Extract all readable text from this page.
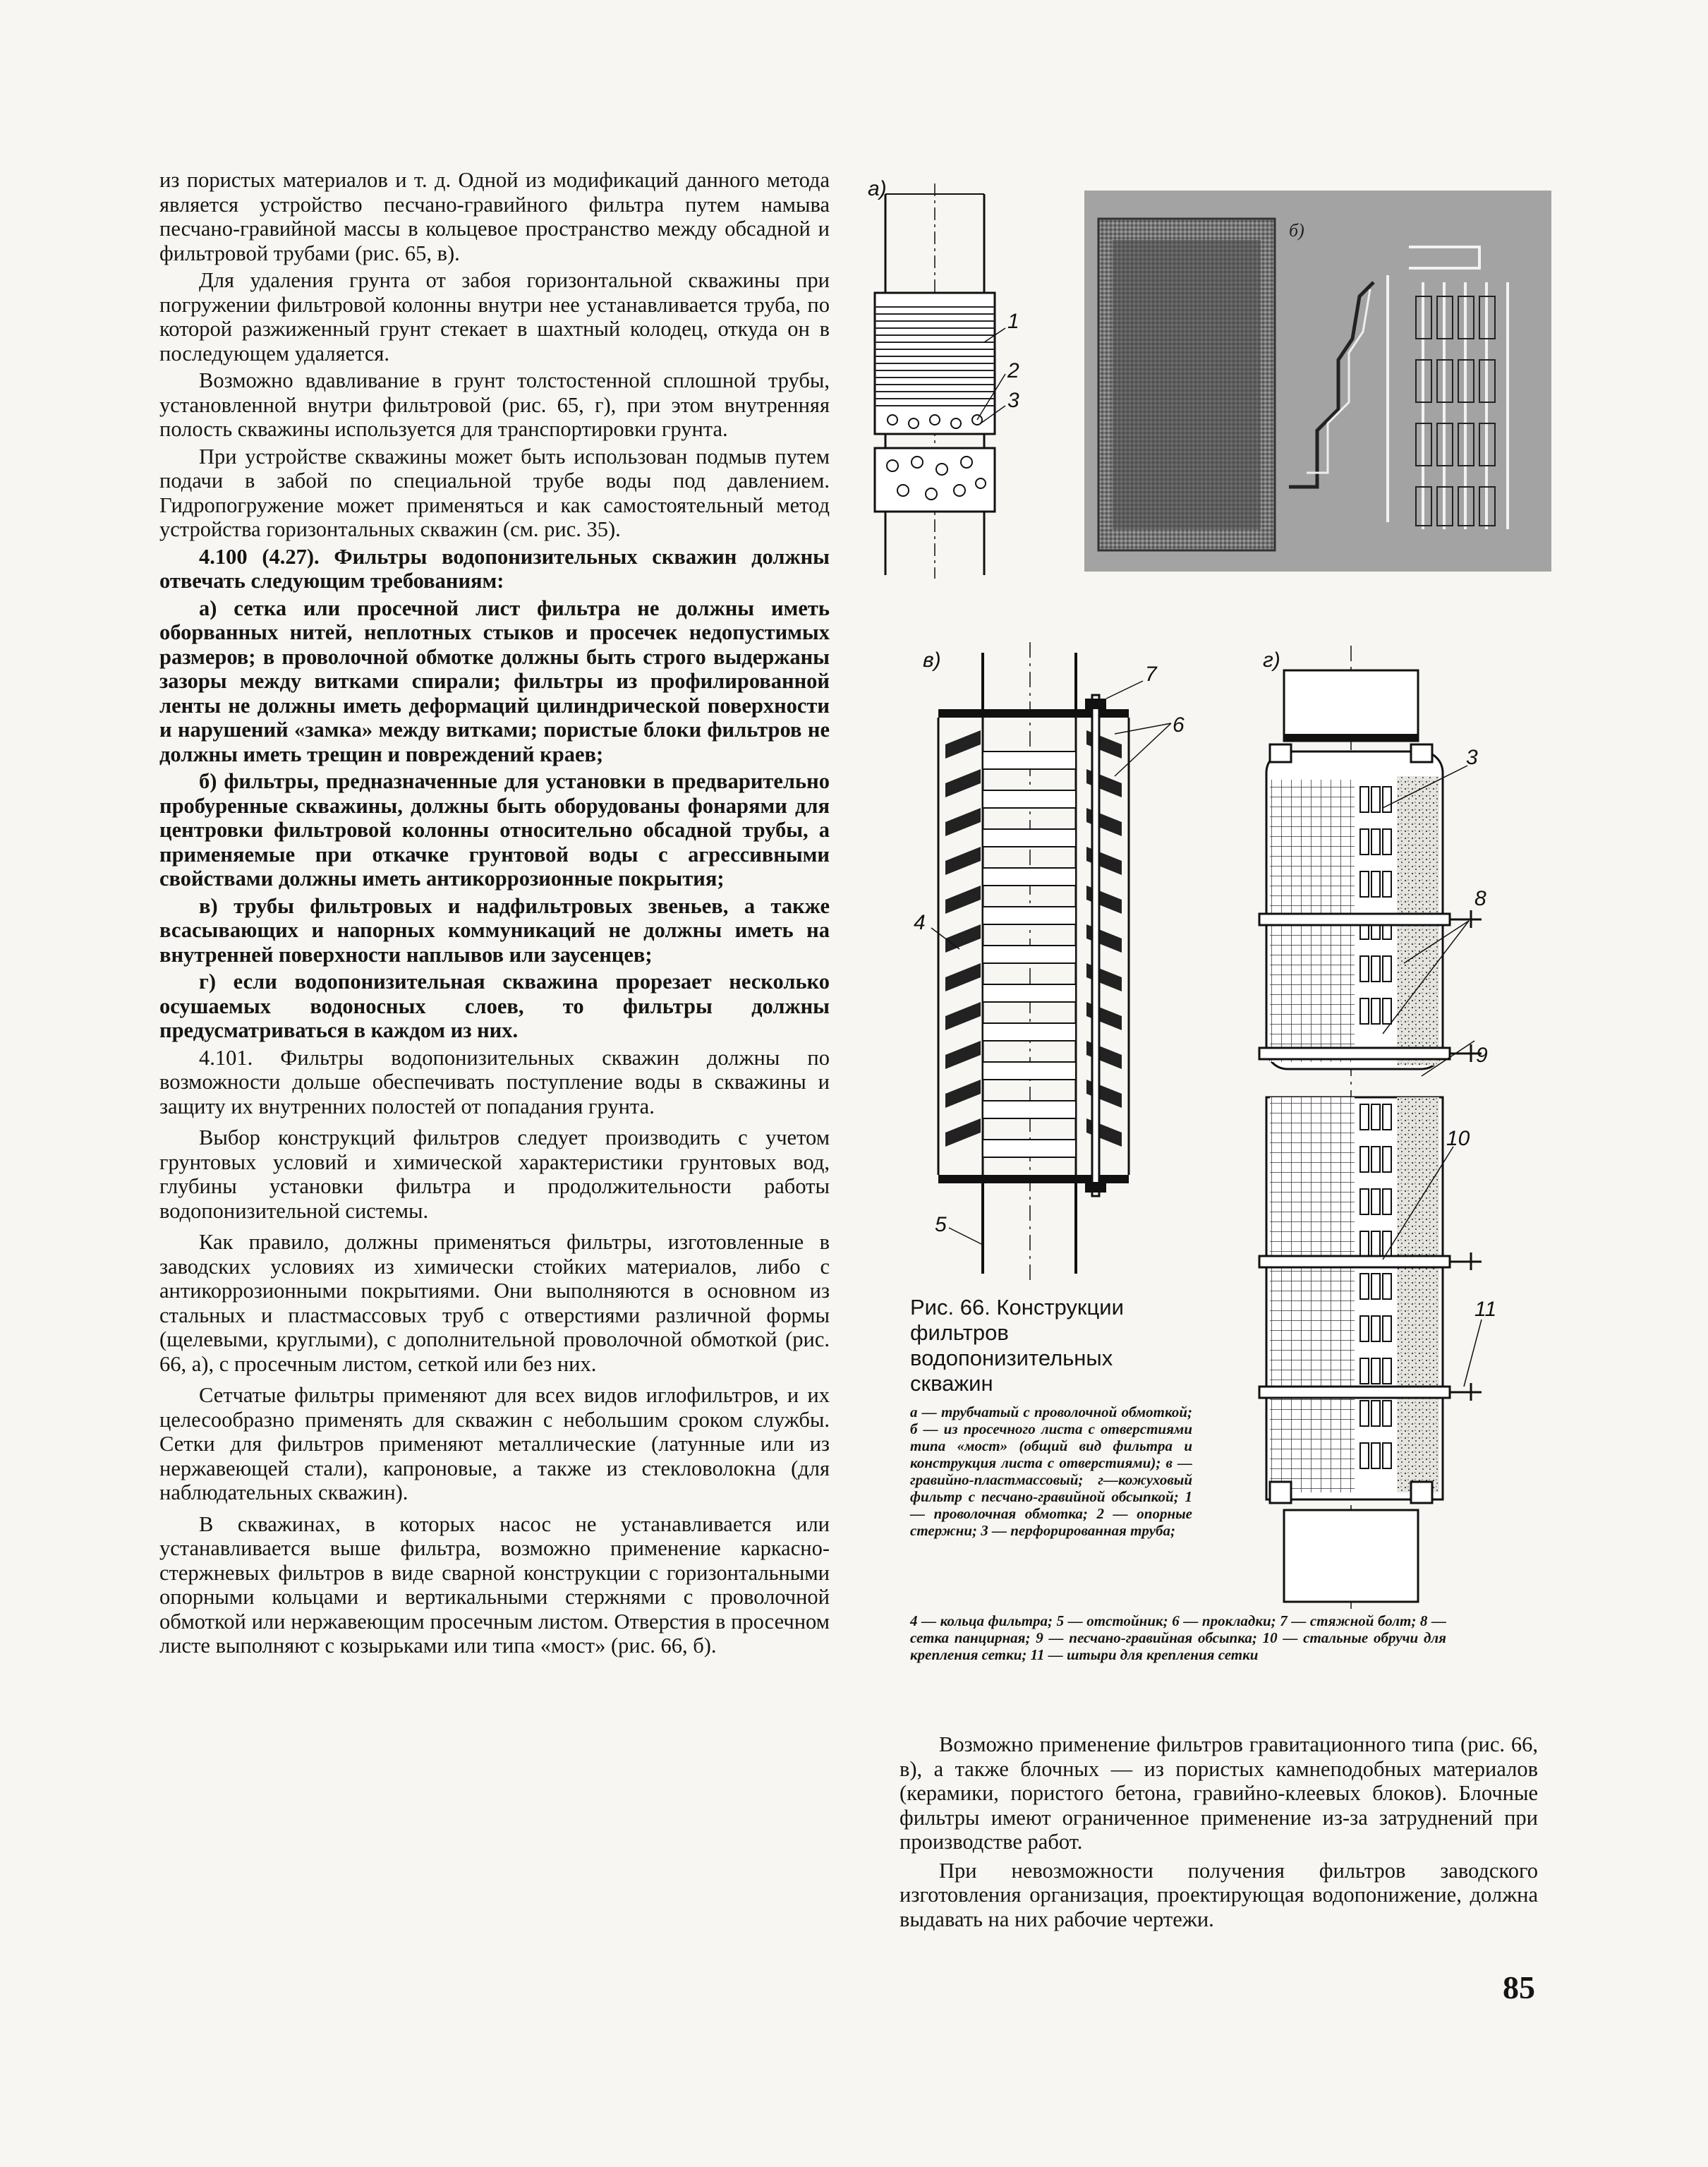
из пористых материалов и т. д. Одной из модификаций данного метода является устройство песчано-гравийного фильтра путем намыва песчано-гравийной массы в кольцевое пространство между обсадной и фильтровой трубами (рис. 65, в).

Для удаления грунта от забоя горизонтальной скважины при погружении фильтровой колонны внутри нее устанавливается труба, по которой разжиженный грунт стекает в шахтный колодец, откуда он в последующем удаляется.

Возможно вдавливание в грунт толстостенной сплошной трубы, установленной внутри фильтровой (рис. 65, г), при этом внутренняя полость скважины используется для транспортировки грунта.

При устройстве скважины может быть использован подмыв путем подачи в забой по специальной трубе воды под давлением. Гидропогружение может применяться и как самостоятельный метод устройства горизонтальных скважин (см. рис. 35).

4.100 (4.27). Фильтры водопонизительных скважин должны отвечать следующим требованиям:

а) сетка или просечной лист фильтра не должны иметь оборванных нитей, неплотных стыков и просечек недопустимых размеров; в проволочной обмотке должны быть строго выдержаны зазоры между витками спирали; фильтры из профилированной ленты не должны иметь деформаций цилиндрической поверхности и нарушений «замка» между витками; пористые блоки фильтров не должны иметь трещин и повреждений краев;

б) фильтры, предназначенные для установки в предварительно пробуренные скважины, должны быть оборудованы фонарями для центровки фильтровой колонны относительно обсадной трубы, а применяемые при откачке грунтовой воды с агрессивными свойствами должны иметь антикоррозионные покрытия;

в) трубы фильтровых и надфильтровых звеньев, а также всасывающих и напорных коммуникаций не должны иметь на внутренней поверхности наплывов или заусенцев;

г) если водопонизительная скважина прорезает несколько осушаемых водоносных слоев, то фильтры должны предусматриваться в каждом из них.

4.101. Фильтры водопонизительных скважин должны по возможности дольше обеспечивать поступление воды в скважины и защиту их внутренних полостей от попадания грунта.

Выбор конструкций фильтров следует производить с учетом грунтовых условий и химической характеристики грунтовых вод, глубины установки фильтра и продолжительности работы водопонизительной системы.

Как правило, должны применяться фильтры, изготовленные в заводских условиях из химически стойких материалов, либо с антикоррозионными покрытиями. Они выполняются в основном из стальных и пластмассовых труб с отверстиями различной формы (щелевыми, круглыми), с дополнительной проволочной обмоткой (рис. 66, а), с просечным листом, сеткой или без них.

Сетчатые фильтры применяют для всех видов иглофильтров, и их целесообразно применять для скважин с небольшим сроком службы. Сетки для фильтров применяют металлические (латунные или из нержавеющей стали), капроновые, а также из стекловолокна (для наблюдательных скважин).

В скважинах, в которых насос не устанавливается или устанавливается выше фильтра, возможно применение каркасно-стержневых фильтров в виде сварной конструкции с горизонтальными опорными кольцами и вертикальными стержнями с проволочной обмоткой или нержавеющим просечным листом. Отверстия в просечном листе выполняют с козырьками или типа «мост» (рис. 66, б).

а)
1
2
3
б)
в)
7
6
4
5
г)
3
8
9
10
11

Рис. 66. Конструкции фильтров водопонизительных скважин

а — трубчатый с проволочной обмоткой; б — из просечного листа с отверстиями типа «мост» (общий вид фильтра и конструкция листа с отверстиями); в — гравийно-пластмассовый; г—кожуховый фильтр с песчано-гравийной обсыпкой; 1 — проволочная обмотка; 2 — опорные стержни; 3 — перфорированная труба;

4 — кольца фильтра; 5 — отстойник; 6 — прокладки; 7 — стяжной болт; 8 — сетка панцирная; 9 — песчано-гравийная обсыпка; 10 — стальные обручи для крепления сетки; 11 — штыри для крепления сетки

Возможно применение фильтров гравитационного типа (рис. 66, в), а также блочных — из пористых камнеподобных материалов (керамики, пористого бетона, гравийно-клеевых блоков). Блочные фильтры имеют ограниченное применение из-за затруднений при производстве работ.

При невозможности получения фильтров заводского изготовления организация, проектирующая водопонижение, должна выдавать на них рабочие чертежи.

85
